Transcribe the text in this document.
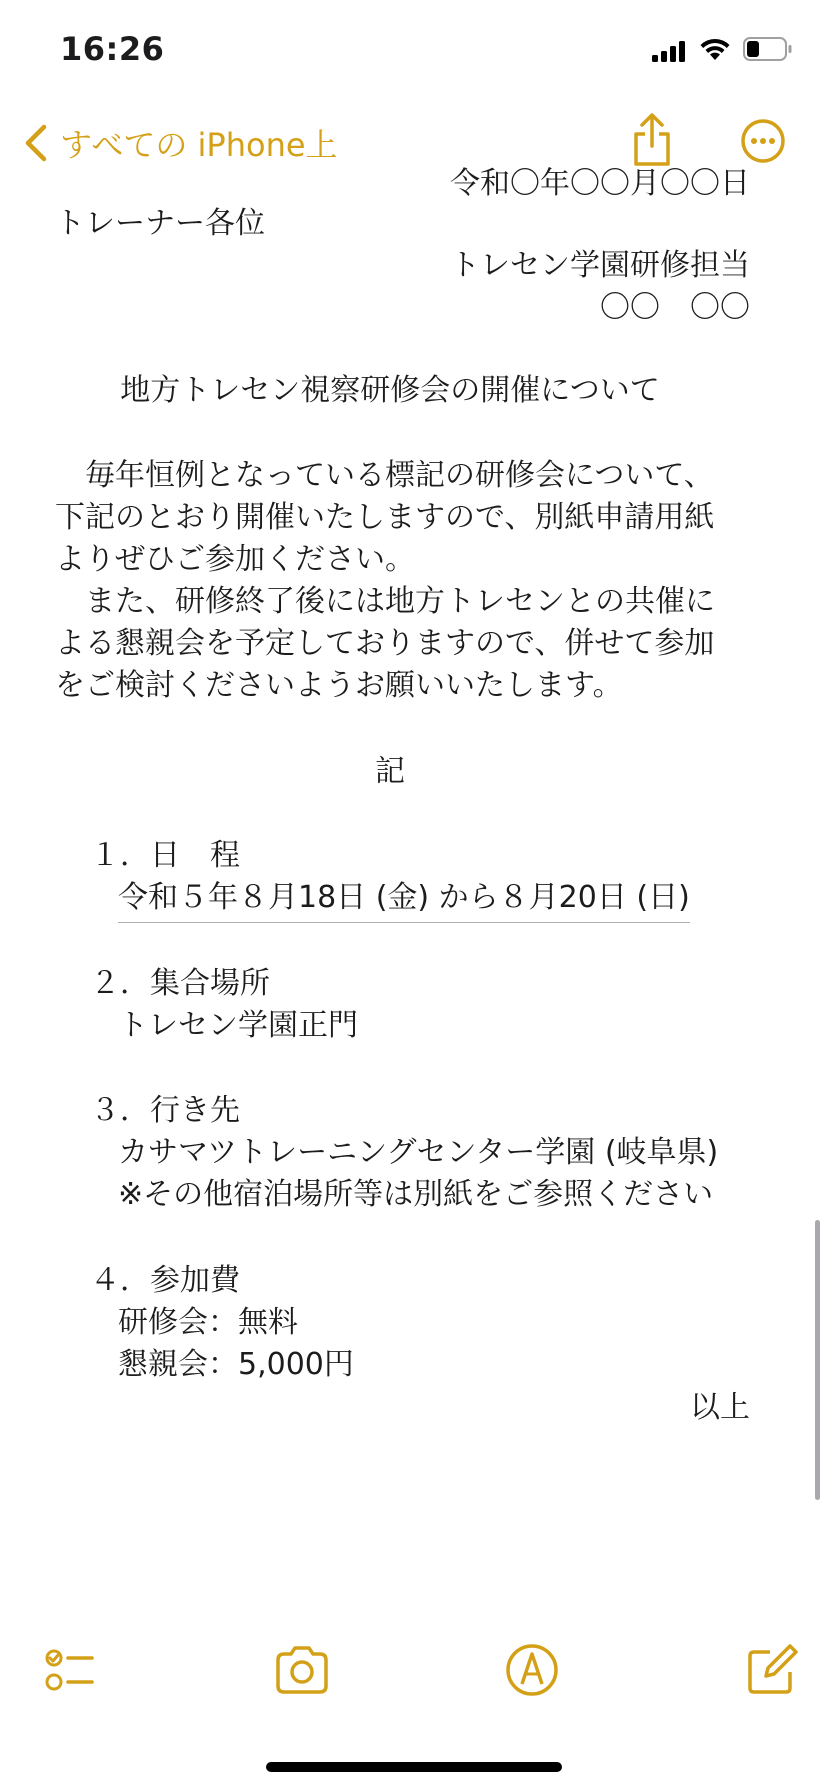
16:26
すべての iPhone上
令和〇年〇〇月〇〇日
トレーナー各位
トレセン学園研修担当
〇〇　〇〇
地方トレセン視察研修会の開催について
　毎年恒例となっている標記の研修会について、
下記のとおり開催いたしますので、別紙申請用紙
よりぜひご参加ください。
　また、研修終了後には地方トレセンとの共催に
よる懇親会を予定しておりますので、併せて参加
をご検討くださいようお願いいたします。
記
１．日　程
令和５年８月18日 (金) から８月20日 (日)
２．集合場所
トレセン学園正門
３．行き先
カサマツトレーニングセンター学園 (岐阜県)
※その他宿泊場所等は別紙をご参照ください
４．参加費
研修会：無料
懇親会：5,000円
以上
